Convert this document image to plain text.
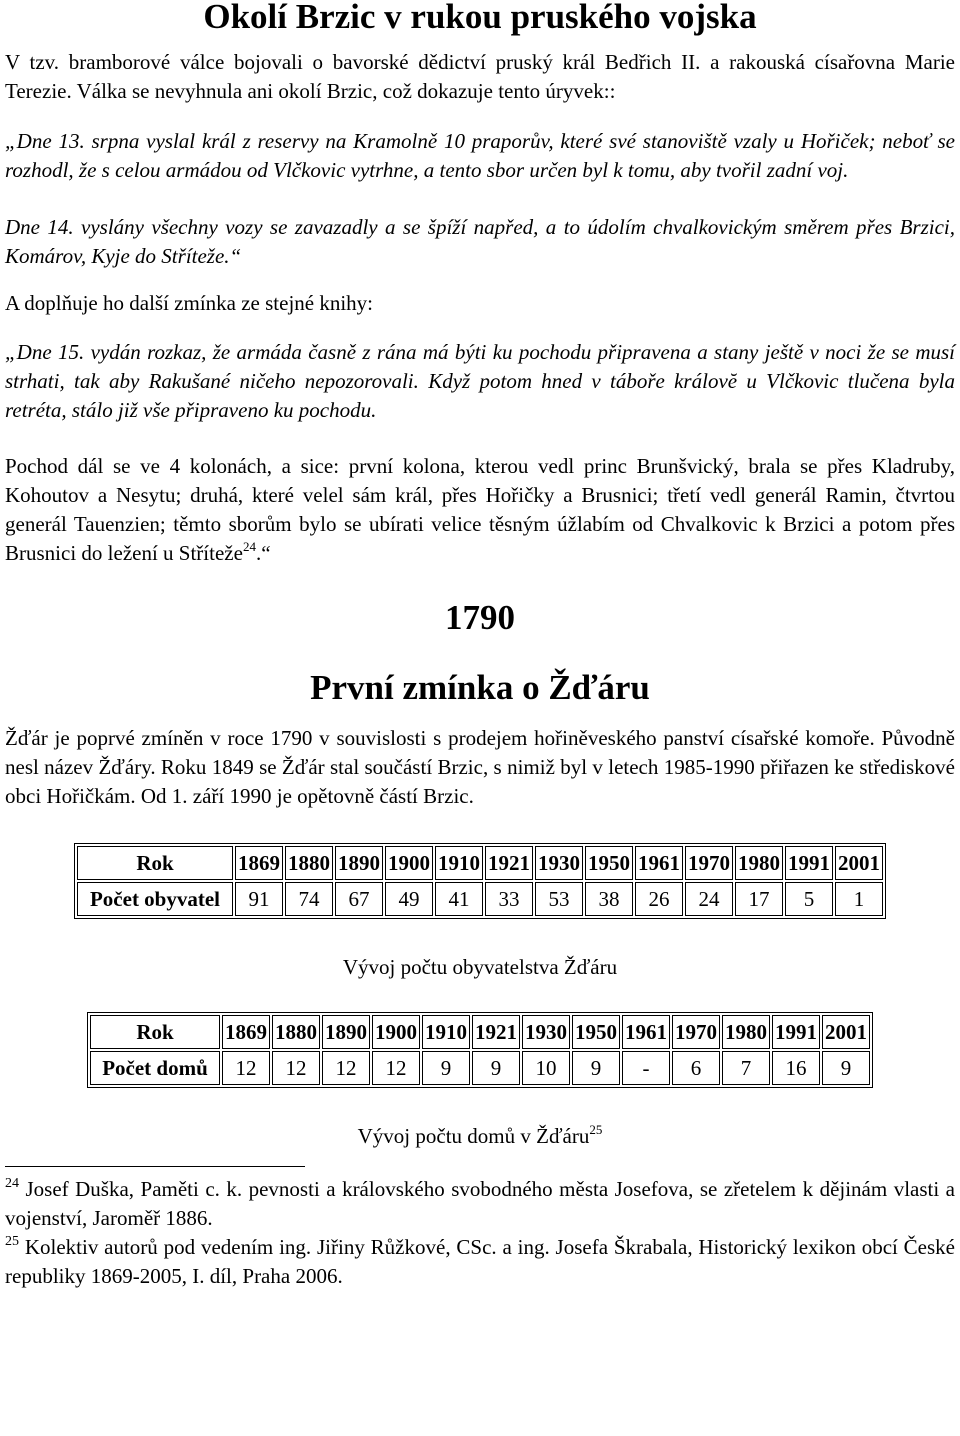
Okolí Brzic v rukou pruského vojska

V tzv. bramborové válce bojovali o bavorské dědictví pruský král Bedřich II. a rakouská císařovna Marie Terezie. Válka se nevyhnula ani okolí Brzic, což dokazuje tento úryvek::

„Dne 13. srpna vyslal král z reservy na Kramolně 10 praporův, které své stanoviště vzaly u Hořiček; neboť se rozhodl, že s celou armádou od Vlčkovic vytrhne, a tento sbor určen byl k tomu, aby tvořil zadní voj.

Dne 14. vyslány všechny vozy se zavazadly a se špíží napřed, a to údolím chvalkovickým směrem přes Brzici, Komárov, Kyje do Stříteže.“

A doplňuje ho další zmínka ze stejné knihy:

„Dne 15. vydán rozkaz, že armáda časně z rána má býti ku pochodu připravena a stany ještě v noci že se musí strhati, tak aby Rakušané ničeho nepozorovali. Když potom hned v táboře královĕ u Vlčkovic tlučena byla retréta, stálo již vše připraveno ku pochodu.

Pochod dál se ve 4 kolonách, a sice: první kolona, kterou vedl princ Brunšvický, brala se přes Kladruby, Kohoutov a Nesytu; druhá, které velel sám král, přes Hořičky a Brusnici; třetí vedl generál Ramin, čtvrtou generál Tauenzien; těmto sborům bylo se ubírati velice těsným úžlabím od Chvalkovic k Brzici a potom přes Brusnici do ležení u Stříteže$^{24}$.“

1790
První zmínka o Žďáru

Žďár je poprvé zmíněn v roce 1790 v souvislosti s prodejem hořiněveského panství císařské komoře. Původně nesl název Žďáry. Roku 1849 se Žďár stal součástí Brzic, s nimiž byl v letech 1985-1990 přiřazen ke střediskové obci Hořičkám. Od 1. září 1990 je opětovně částí Brzic.

Rok	1869	1880	1890	1900	1910	1921	1930	1950	1961	1970	1980	1991	2001
Počet obyvatel	91	74	67	49	41	33	53	38	26	24	17	5	1
Vývoj počtu obyvatelstva Žďáru
Rok	1869	1880	1890	1900	1910	1921	1930	1950	1961	1970	1980	1991	2001
Počet domů	12	12	12	12	9	9	10	9	-	6	7	16	9
Vývoj počtu domů v Žďáru$^{25}$

$^{24}$ Josef Duška, Paměti c. k. pevnosti a královského svobodného města Josefova, se zřetelem k dějinám vlasti a vojenství, Jaroměř 1886.

$^{25}$ Kolektiv autorů pod vedením ing. Jiřiny Růžkové, CSc. a ing. Josefa Škrabala, Historický lexikon obcí České republiky 1869-2005, I. díl, Praha 2006.
